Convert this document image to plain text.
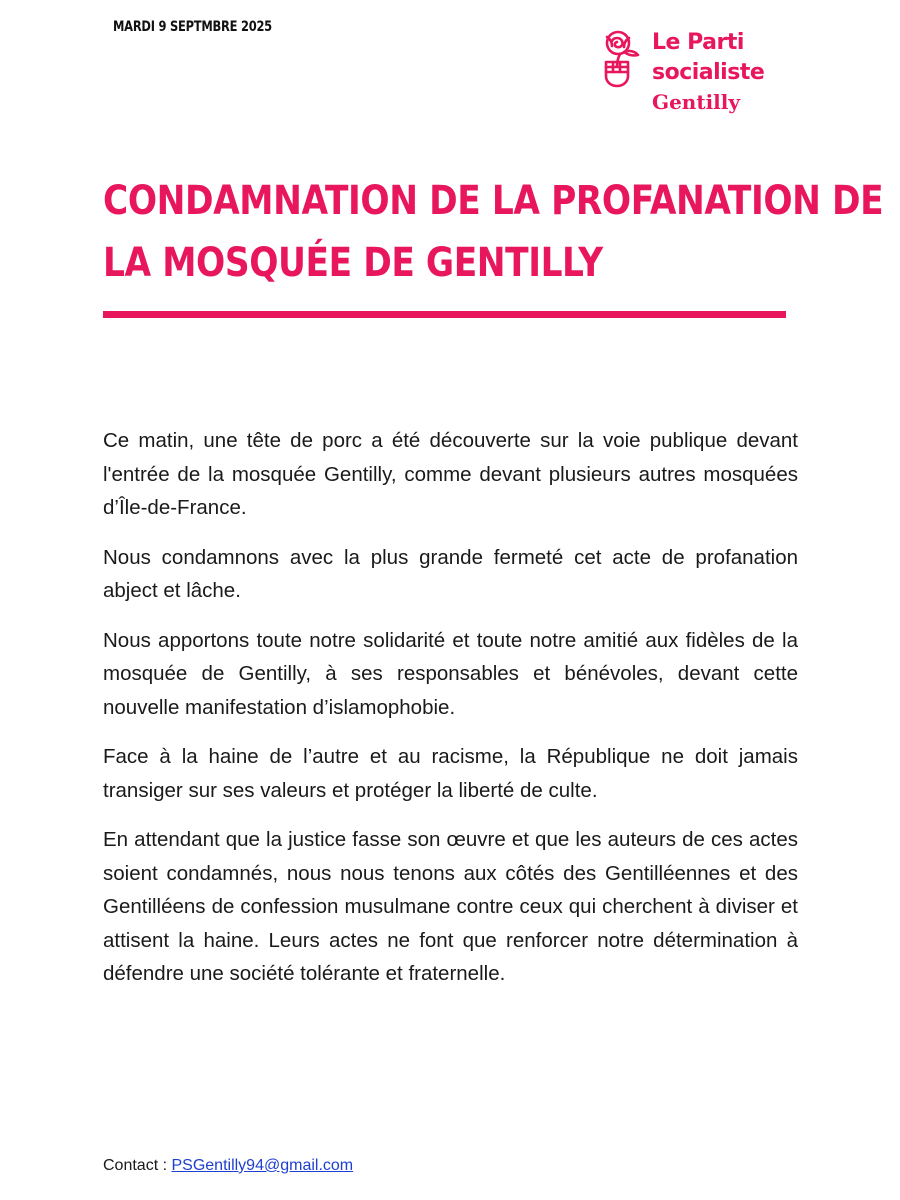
MARDI 9 SEPTMBRE 2025
Le Parti
socialiste
Gentilly
CONDAMNATION DE LA PROFANATION DE
LA MOSQUÉE DE GENTILLY

Ce matin, une tête de porc a été découverte sur la voie publique devant l'entrée de la mosquée Gentilly, comme devant plusieurs autres mosquées d’Île-de-France.

Nous condamnons avec la plus grande fermeté cet acte de profanation abject et lâche.

Nous apportons toute notre solidarité et toute notre amitié aux fidèles de la mosquée de Gentilly, à ses responsables et bénévoles, devant cette nouvelle manifestation d’islamophobie.

Face à la haine de l’autre et au racisme, la République ne doit jamais transiger sur ses valeurs et protéger la liberté de culte.

En attendant que la justice fasse son œuvre et que les auteurs de ces actes soient condamnés, nous nous tenons aux côtés des Gentilléennes et des Gentilléens de confession musulmane contre ceux qui cherchent à diviser et attisent la haine. Leurs actes ne font que renforcer notre détermination à défendre une société tolérante et fraternelle.

Contact : PSGentilly94@gmail.com
